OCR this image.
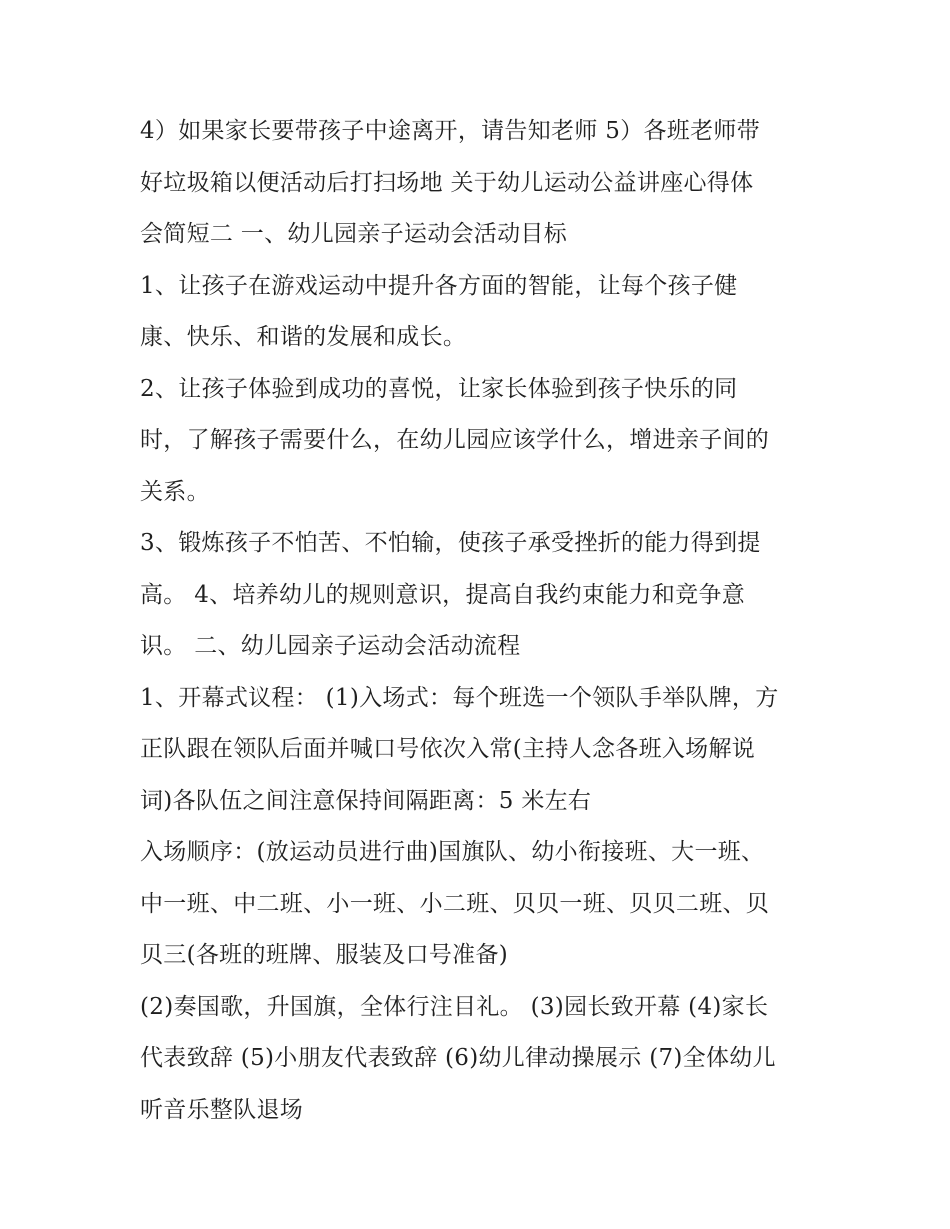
4）如果家长要带孩子中途离开，请告知老师 5）各班老师带
好垃圾箱以便活动后打扫场地 关于幼儿运动公益讲座心得体
会简短二 一、幼儿园亲子运动会活动目标
1、让孩子在游戏运动中提升各方面的智能，让每个孩子健
康、快乐、和谐的发展和成长。
2、让孩子体验到成功的喜悦，让家长体验到孩子快乐的同
时，了解孩子需要什么，在幼儿园应该学什么，增进亲子间的
关系。
3、锻炼孩子不怕苦、不怕输，使孩子承受挫折的能力得到提
高。 4、培养幼儿的规则意识，提高自我约束能力和竞争意
识。 二、幼儿园亲子运动会活动流程
1、开幕式议程： (1)入场式：每个班选一个领队手举队牌，方
正队跟在领队后面并喊口号依次入常(主持人念各班入场解说
词)各队伍之间注意保持间隔距离：5 米左右
入场顺序：(放运动员进行曲)国旗队、幼小衔接班、大一班、
中一班、中二班、小一班、小二班、贝贝一班、贝贝二班、贝
贝三(各班的班牌、服装及口号准备)
(2)奏国歌，升国旗，全体行注目礼。 (3)园长致开幕 (4)家长
代表致辞 (5)小朋友代表致辞 (6)幼儿律动操展示 (7)全体幼儿
听音乐整队退场
